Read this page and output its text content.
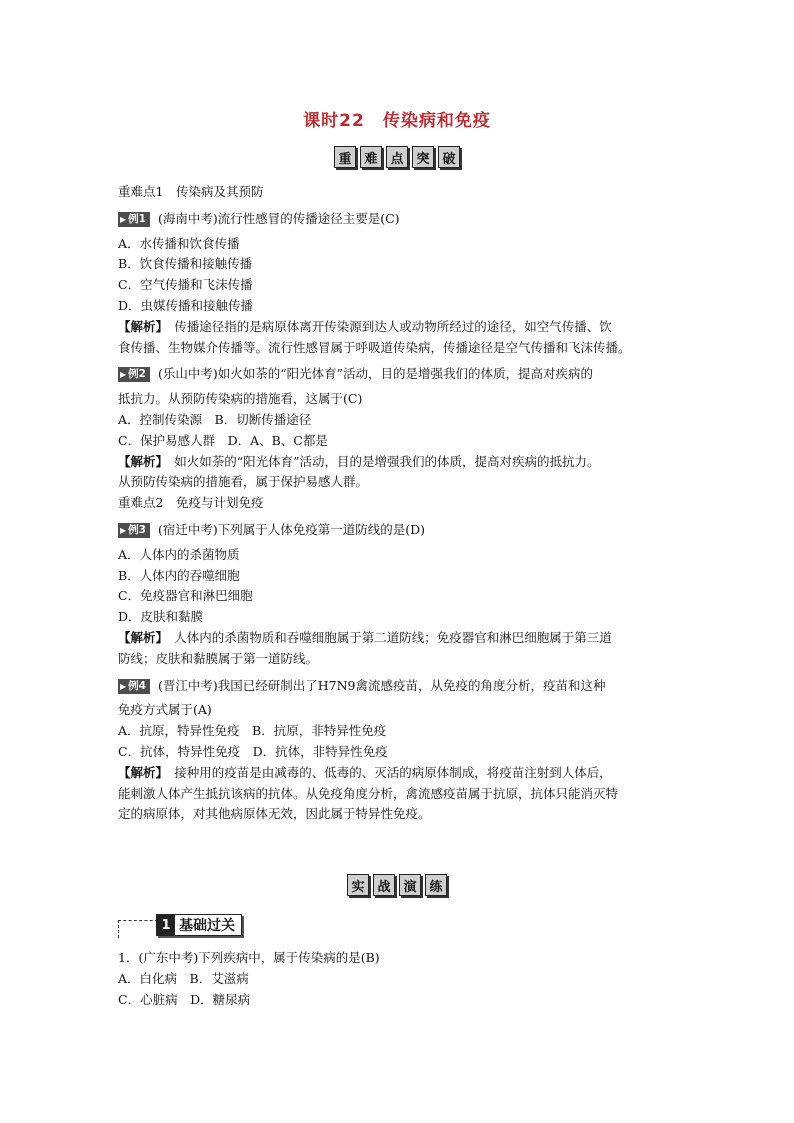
课时22　传染病和免疫
重 难 点 突 破
重难点1　传染病及其预防
▶ 例1 (海南中考)流行性感冒的传播途径主要是(C)
A．水传播和饮食传播
B．饮食传播和接触传播
C．空气传播和飞沫传播
D．虫媒传播和接触传播
【解析】　传播途径指的是病原体离开传染源到达人或动物所经过的途径，如空气传播、饮
食传播、生物媒介传播等。流行性感冒属于呼吸道传染病，传播途径是空气传播和飞沫传播。
▶ 例2 (乐山中考)如火如荼的“阳光体育”活动，目的是增强我们的体质，提高对疾病的
抵抗力。从预防传染病的措施看，这属于(C)
A．控制传染源　B．切断传播途径
C．保护易感人群　D．A、B、C都是
【解析】　如火如荼的“阳光体育”活动，目的是增强我们的体质，提高对疾病的抵抗力。
从预防传染病的措施看，属于保护易感人群。
重难点2　免疫与计划免疫
▶ 例3 (宿迁中考)下列属于人体免疫第一道防线的是(D)
A．人体内的杀菌物质
B．人体内的吞噬细胞
C．免疫器官和淋巴细胞
D．皮肤和黏膜
【解析】　人体内的杀菌物质和吞噬细胞属于第二道防线；免疫器官和淋巴细胞属于第三道
防线；皮肤和黏膜属于第一道防线。
▶ 例4 (晋江中考)我国已经研制出了H7N9禽流感疫苗，从免疫的角度分析，疫苗和这种
免疫方式属于(A)
A．抗原，特异性免疫　B．抗原，非特异性免疫
C．抗体，特异性免疫　D．抗体，非特异性免疫
【解析】　接种用的疫苗是由减毒的、低毒的、灭活的病原体制成，将疫苗注射到人体后，
能刺激人体产生抵抗该病的抗体。从免疫角度分析，禽流感疫苗属于抗原，抗体只能消灭特
定的病原体，对其他病原体无效，因此属于特异性免疫。
实 战 演 练
1 基础过关
1．(广东中考)下列疾病中，属于传染病的是(B)
A．白化病　B．艾滋病
C．心脏病　D．糖尿病
